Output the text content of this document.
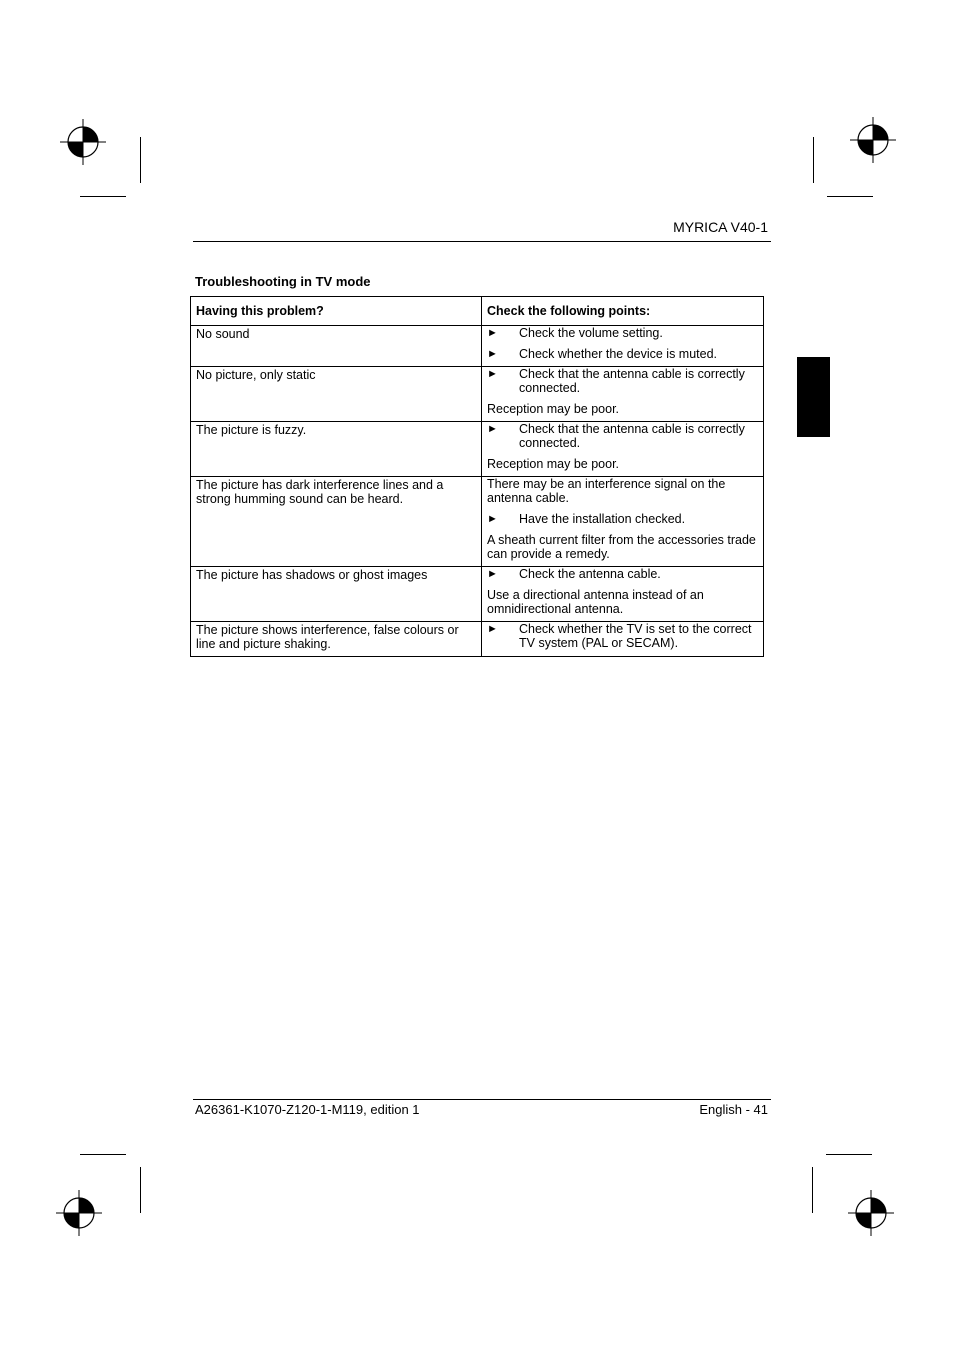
MYRICA V40-1
Troubleshooting in TV mode
Having this problem?	Check the following points:
No sound	► Check the volume setting.
► Check whether the device is muted.

No picture, only static	► Check that the antenna cable is correctly connected.
Reception may be poor.

The picture is fuzzy.	► Check that the antenna cable is correctly connected.
Reception may be poor.

The picture has dark interference lines and a strong humming sound can be heard.	There may be an interference signal on the antenna cable.
► Have the installation checked.
A sheath current filter from the accessories trade can provide a remedy.

The picture has shadows or ghost images	► Check the antenna cable.
Use a directional antenna instead of an omnidirectional antenna.

The picture shows interference, false colours or line and picture shaking.	► Check whether the TV is set to the correct TV system (PAL or SECAM).
A26361-K1070-Z120-1-M119, edition 1	English - 41
